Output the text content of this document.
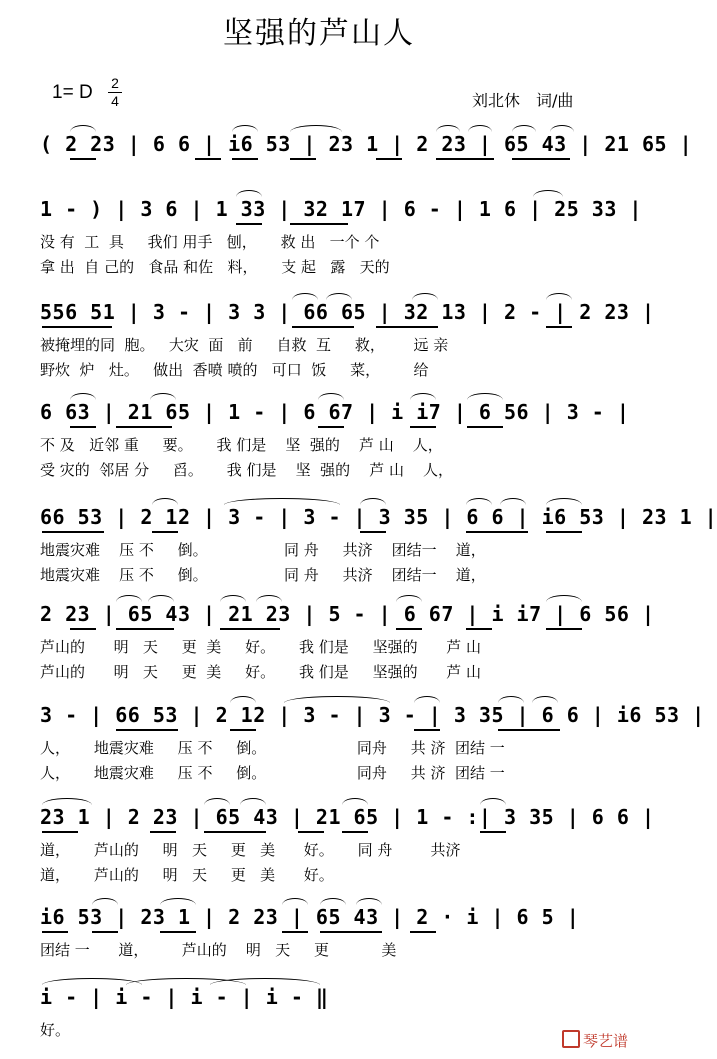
坚强的芦山人
1= D 2
4	刘北休　词/曲
( 2 23 | 6 6 | i6 53 | 23 1 | 2 23 | 65 43 | 21 65 |
1 - ) | 3 6 | 1 33 | 32 17 | 6 - | 1 6 | 25 33 |
没 有  工  具     我们 用手   刨，     救 出   一个 个
拿 出  自 己的   食品 和佐   料，     支 起   露   天的
556 51 | 3 - | 3 3 | 66 65 | 32 13 | 2 - | 2 23 |
被掩埋的同  胞。   大灾  面   前     自救  互     救，      远 亲
野炊  炉   灶。   做出  香喷 喷的   可口  饭     菜，       给
6 63 | 21 65 | 1 - | 6 67 | i i7 | 6 56 | 3 - |
不 及   近邻 重     要。     我 们是    坚  强的    芦 山    人，
受 灾的  邻居 分     舀。     我 们是    坚  强的    芦 山    人，
66 53 | 2 12 | 3 - | 3 - | 3 35 | 6 6 | i6 53 | 23 1 |
地震灾难    压 不     倒。                同 舟     共济    团结一    道，
地震灾难    压 不     倒。                同 舟     共济    团结一    道，
2 23 | 65 43 | 21 23 | 5 - | 6 67 | i i7 | 6 56 |
芦山的      明   天     更  美     好。     我 们是     坚强的      芦 山
芦山的      明   天     更  美     好。     我 们是     坚强的      芦 山
3 - | 66 53 | 2 12 | 3 - | 3 - | 3 35 | 6 6 | i6 53 |
人，     地震灾难     压 不     倒。                   同舟     共 济  团结 一
人，     地震灾难     压 不     倒。                   同舟     共 济  团结 一
23 1 | 2 23 | 65 43 | 21 65 | 1 - :| 3 35 | 6 6 |
道，     芦山的     明   天     更   美      好。     同 舟        共济
道，     芦山的     明   天     更   美      好。
i6 53 | 23 1 | 2 23 | 65 43 | 2 · i | 6 5 |
团结 一      道，       芦山的    明   天     更           美
i - | i - | i - | i - ‖
好。
琴艺谱
